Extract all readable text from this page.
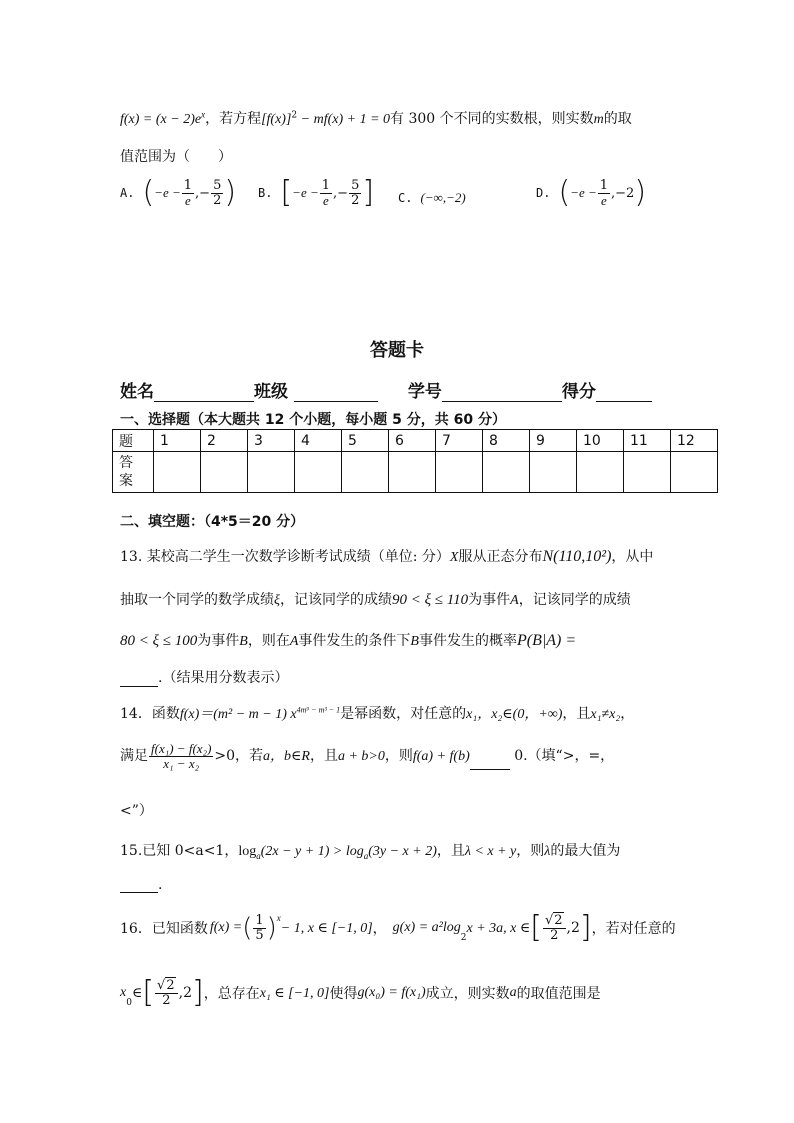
$f(x) = (x - 2)e^x$，若方程$[f(x)]^2 - mf(x) + 1 = 0$有 300 个不同的实数根，则实数m的取
值范围为（　　）
A. ( $-e - \frac{1}{e}$ ,− $\frac{5}{2}$ ) B. [ $-e - \frac{1}{e}$ ,− $\frac{5}{2}$ ] C. (−∞,−2)	D. ( $-e - \frac{1}{e} ,-2$ )
答题卡
姓名	班级	学号	得分
一、选择题（本大题共 12 个小题，每小题 5 分，共 60 分）
题	1	2	3	4	5	6	7	8	9	10	11	12
答
案												
二、填空题：（4*5＝20 分）
13. 某校高二学生一次数学诊断考试成绩（单位: 分）X服从正态分布N(110,10²)，从中
抽取一个同学的数学成绩ξ，记该同学的成绩90 < ξ ≤ 110为事件A，记该同学的成绩
80 < ξ ≤ 100为事件B，则在A事件发生的条件下B事件发生的概率P(B|A) =
.（结果用分数表示）
14．函数f(x)＝(m² − m − 1) $x^{4m^9 - m^3 - 1}$是幂函数，对任意的x₁，x₂∈(0，+∞)，且x₁≠x₂，
满足 $\frac{\text{f(x₁) − f(x₂)}}{\text{x₁ − x₂}} >0$，若a，b∈R，且a + b>0，则f(a) + f(b)	0.（填“>，=，
<”）
15.已知 0<a<1，$\log_a(2x - y + 1) > \log_a(3y - x + 2)$，且λ < x + y，则λ的最大值为
.
16．已知函数 f(x) = ( $\frac{1}{5} )^x$
− 1, x ∈ [−1, 0] ， g(x) = a²log
$_2$
x + 3a, x ∈ [ $\frac{√2}{2} ,2$ ] ，若对任意的
x
$_0$
∈ [ $\frac{√2}{2} ,2$ ] ，总存在 x₁ ∈ [−1, 0] 使得 g(x₀) = f(x₁) 成立，则实数 a 的取值范围是
